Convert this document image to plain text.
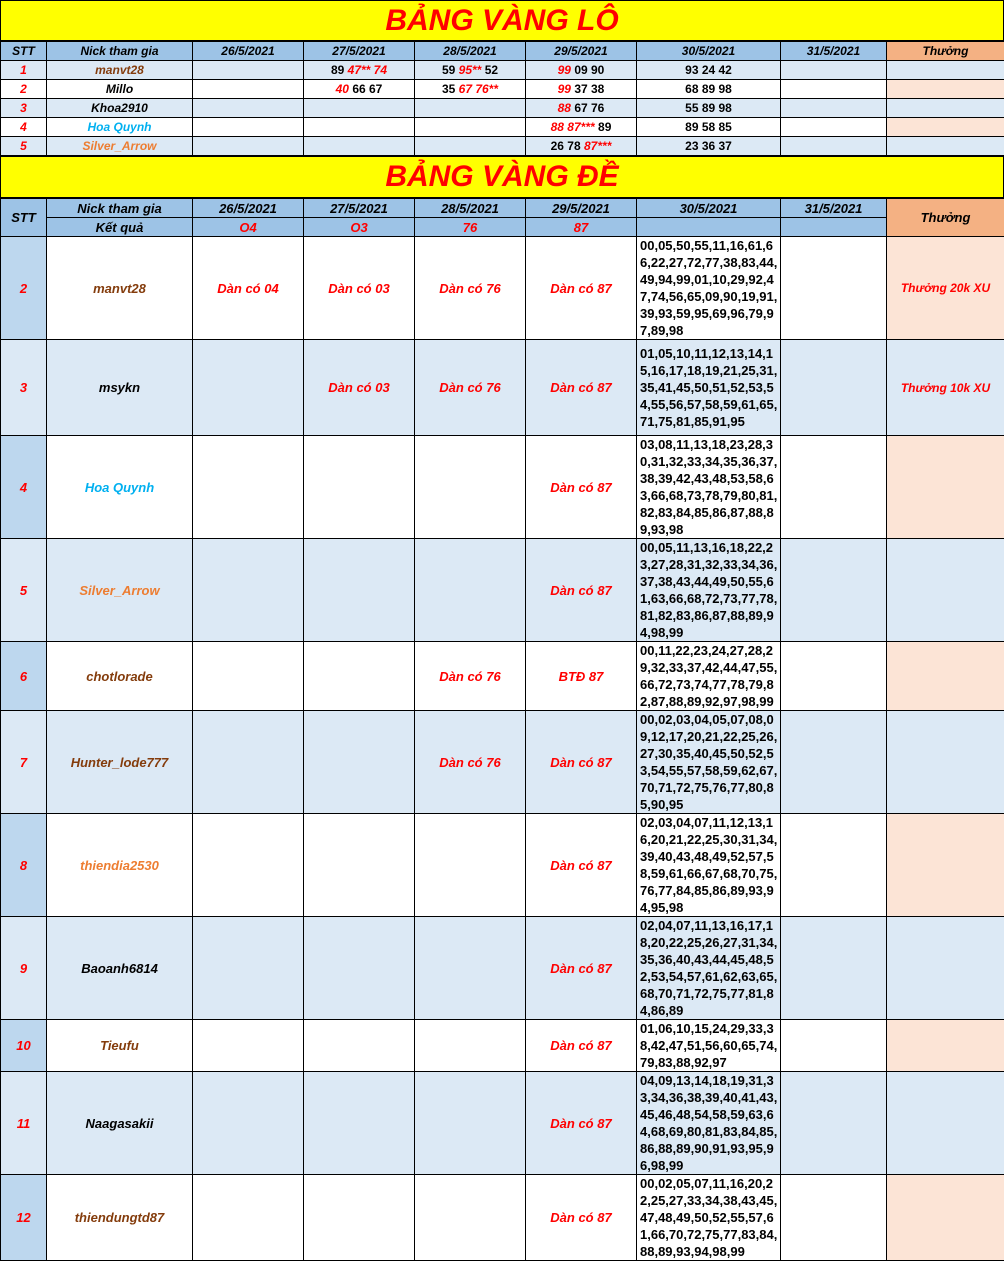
BẢNG VÀNG LÔ
STT	Nick tham gia	26/5/2021	27/5/2021	28/5/2021	29/5/2021	30/5/2021	31/5/2021	Thưởng
1	manvt28		89 47** 74	59 95** 52	99 09 90	93 24 42		
2	Millo		40 66 67	35 67 76**	99 37 38	68 89 98		
3	Khoa2910				88 67 76	55 89 98		
4	Hoa Quynh				88 87*** 89	89 58 85		
5	Silver_Arrow				26 78 87***	23 36 37		
BẢNG VÀNG ĐỀ
STT	Nick tham gia	26/5/2021	27/5/2021	28/5/2021	29/5/2021	30/5/2021	31/5/2021	Thưởng
	Kết quả	O4	O3	76	87			
2	manvt28	Dàn có 04	Dàn có 03	Dàn có 76	Dàn có 87	00,05,50,55,11,16,61,66,22,27,72,77,38,83,44,49,94,99,01,10,29,92,47,74,56,65,09,90,19,91,39,93,59,95,69,96,79,97,89,98		Thưởng 20k XU
3	msykn		Dàn có 03	Dàn có 76	Dàn có 87	01,05,10,11,12,13,14,15,16,17,18,19,21,25,31,35,41,45,50,51,52,53,54,55,56,57,58,59,61,65,71,75,81,85,91,95		Thưởng 10k XU
4	Hoa Quynh				Dàn có 87	03,08,11,13,18,23,28,30,31,32,33,34,35,36,37,38,39,42,43,48,53,58,63,66,68,73,78,79,80,81,82,83,84,85,86,87,88,89,93,98		
5	Silver_Arrow				Dàn có 87	00,05,11,13,16,18,22,23,27,28,31,32,33,34,36,37,38,43,44,49,50,55,61,63,66,68,72,73,77,78,81,82,83,86,87,88,89,94,98,99		
6	chotlorade			Dàn có 76	BTĐ 87	00,11,22,23,24,27,28,29,32,33,37,42,44,47,55,66,72,73,74,77,78,79,82,87,88,89,92,97,98,99		
7	Hunter_lode777			Dàn có 76	Dàn có 87	00,02,03,04,05,07,08,09,12,17,20,21,22,25,26,27,30,35,40,45,50,52,53,54,55,57,58,59,62,67,70,71,72,75,76,77,80,85,90,95		
8	thiendia2530				Dàn có 87	02,03,04,07,11,12,13,16,20,21,22,25,30,31,34,39,40,43,48,49,52,57,58,59,61,66,67,68,70,75,76,77,84,85,86,89,93,94,95,98		
9	Baoanh6814				Dàn có 87	02,04,07,11,13,16,17,18,20,22,25,26,27,31,34,35,36,40,43,44,45,48,52,53,54,57,61,62,63,65,68,70,71,72,75,77,81,84,86,89		
10	Tieufu				Dàn có 87	01,06,10,15,24,29,33,38,42,47,51,56,60,65,74,79,83,88,92,97		
11	Naagasakii				Dàn có 87	04,09,13,14,18,19,31,33,34,36,38,39,40,41,43,45,46,48,54,58,59,63,64,68,69,80,81,83,84,85,86,88,89,90,91,93,95,96,98,99		
12	thiendungtd87				Dàn có 87	00,02,05,07,11,16,20,22,25,27,33,34,38,43,45,47,48,49,50,52,55,57,61,66,70,72,75,77,83,84,88,89,93,94,98,99		
